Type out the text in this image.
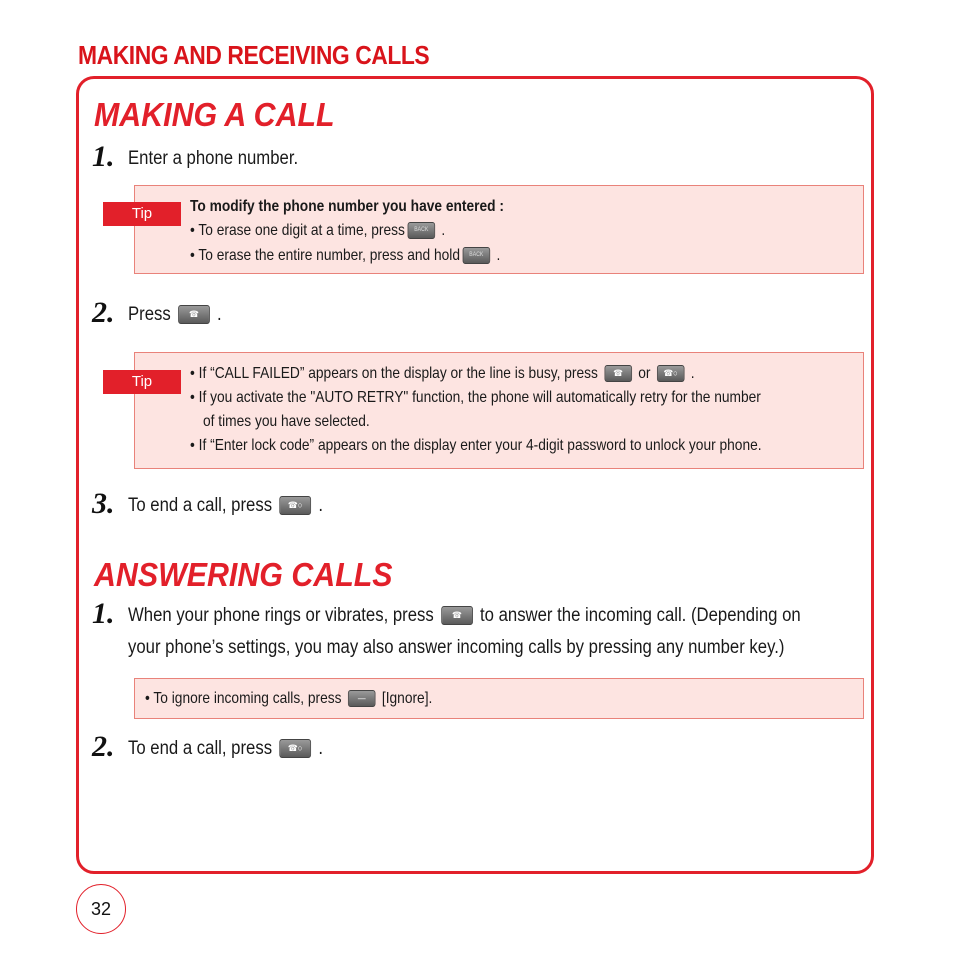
MAKING AND RECEIVING CALLS
MAKING A CALL
1. Enter a phone number.
Tip	To modify the phone number you have entered :
• To erase one digit at a time, press	BACK .
• To erase the entire number, press and hold	BACK .
2. Press	☎ .
Tip	• If “CALL FAILED” appears on the display or the line is busy, press	☎ or	☎○ .
• If you activate the "AUTO RETRY" function, the phone will automatically retry for the number
of times you have selected.
• If “Enter lock code” appears on the display enter your 4-digit password to unlock your phone.
3. To end a call, press	☎○ .
ANSWERING CALLS
1. When your phone rings or vibrates, press	☎ to answer the incoming call. (Depending on
your phone’s settings, you may also answer incoming calls by pressing any number key.)
• To ignore incoming calls, press	—	[Ignore].
2. To end a call, press	☎○ .
32
